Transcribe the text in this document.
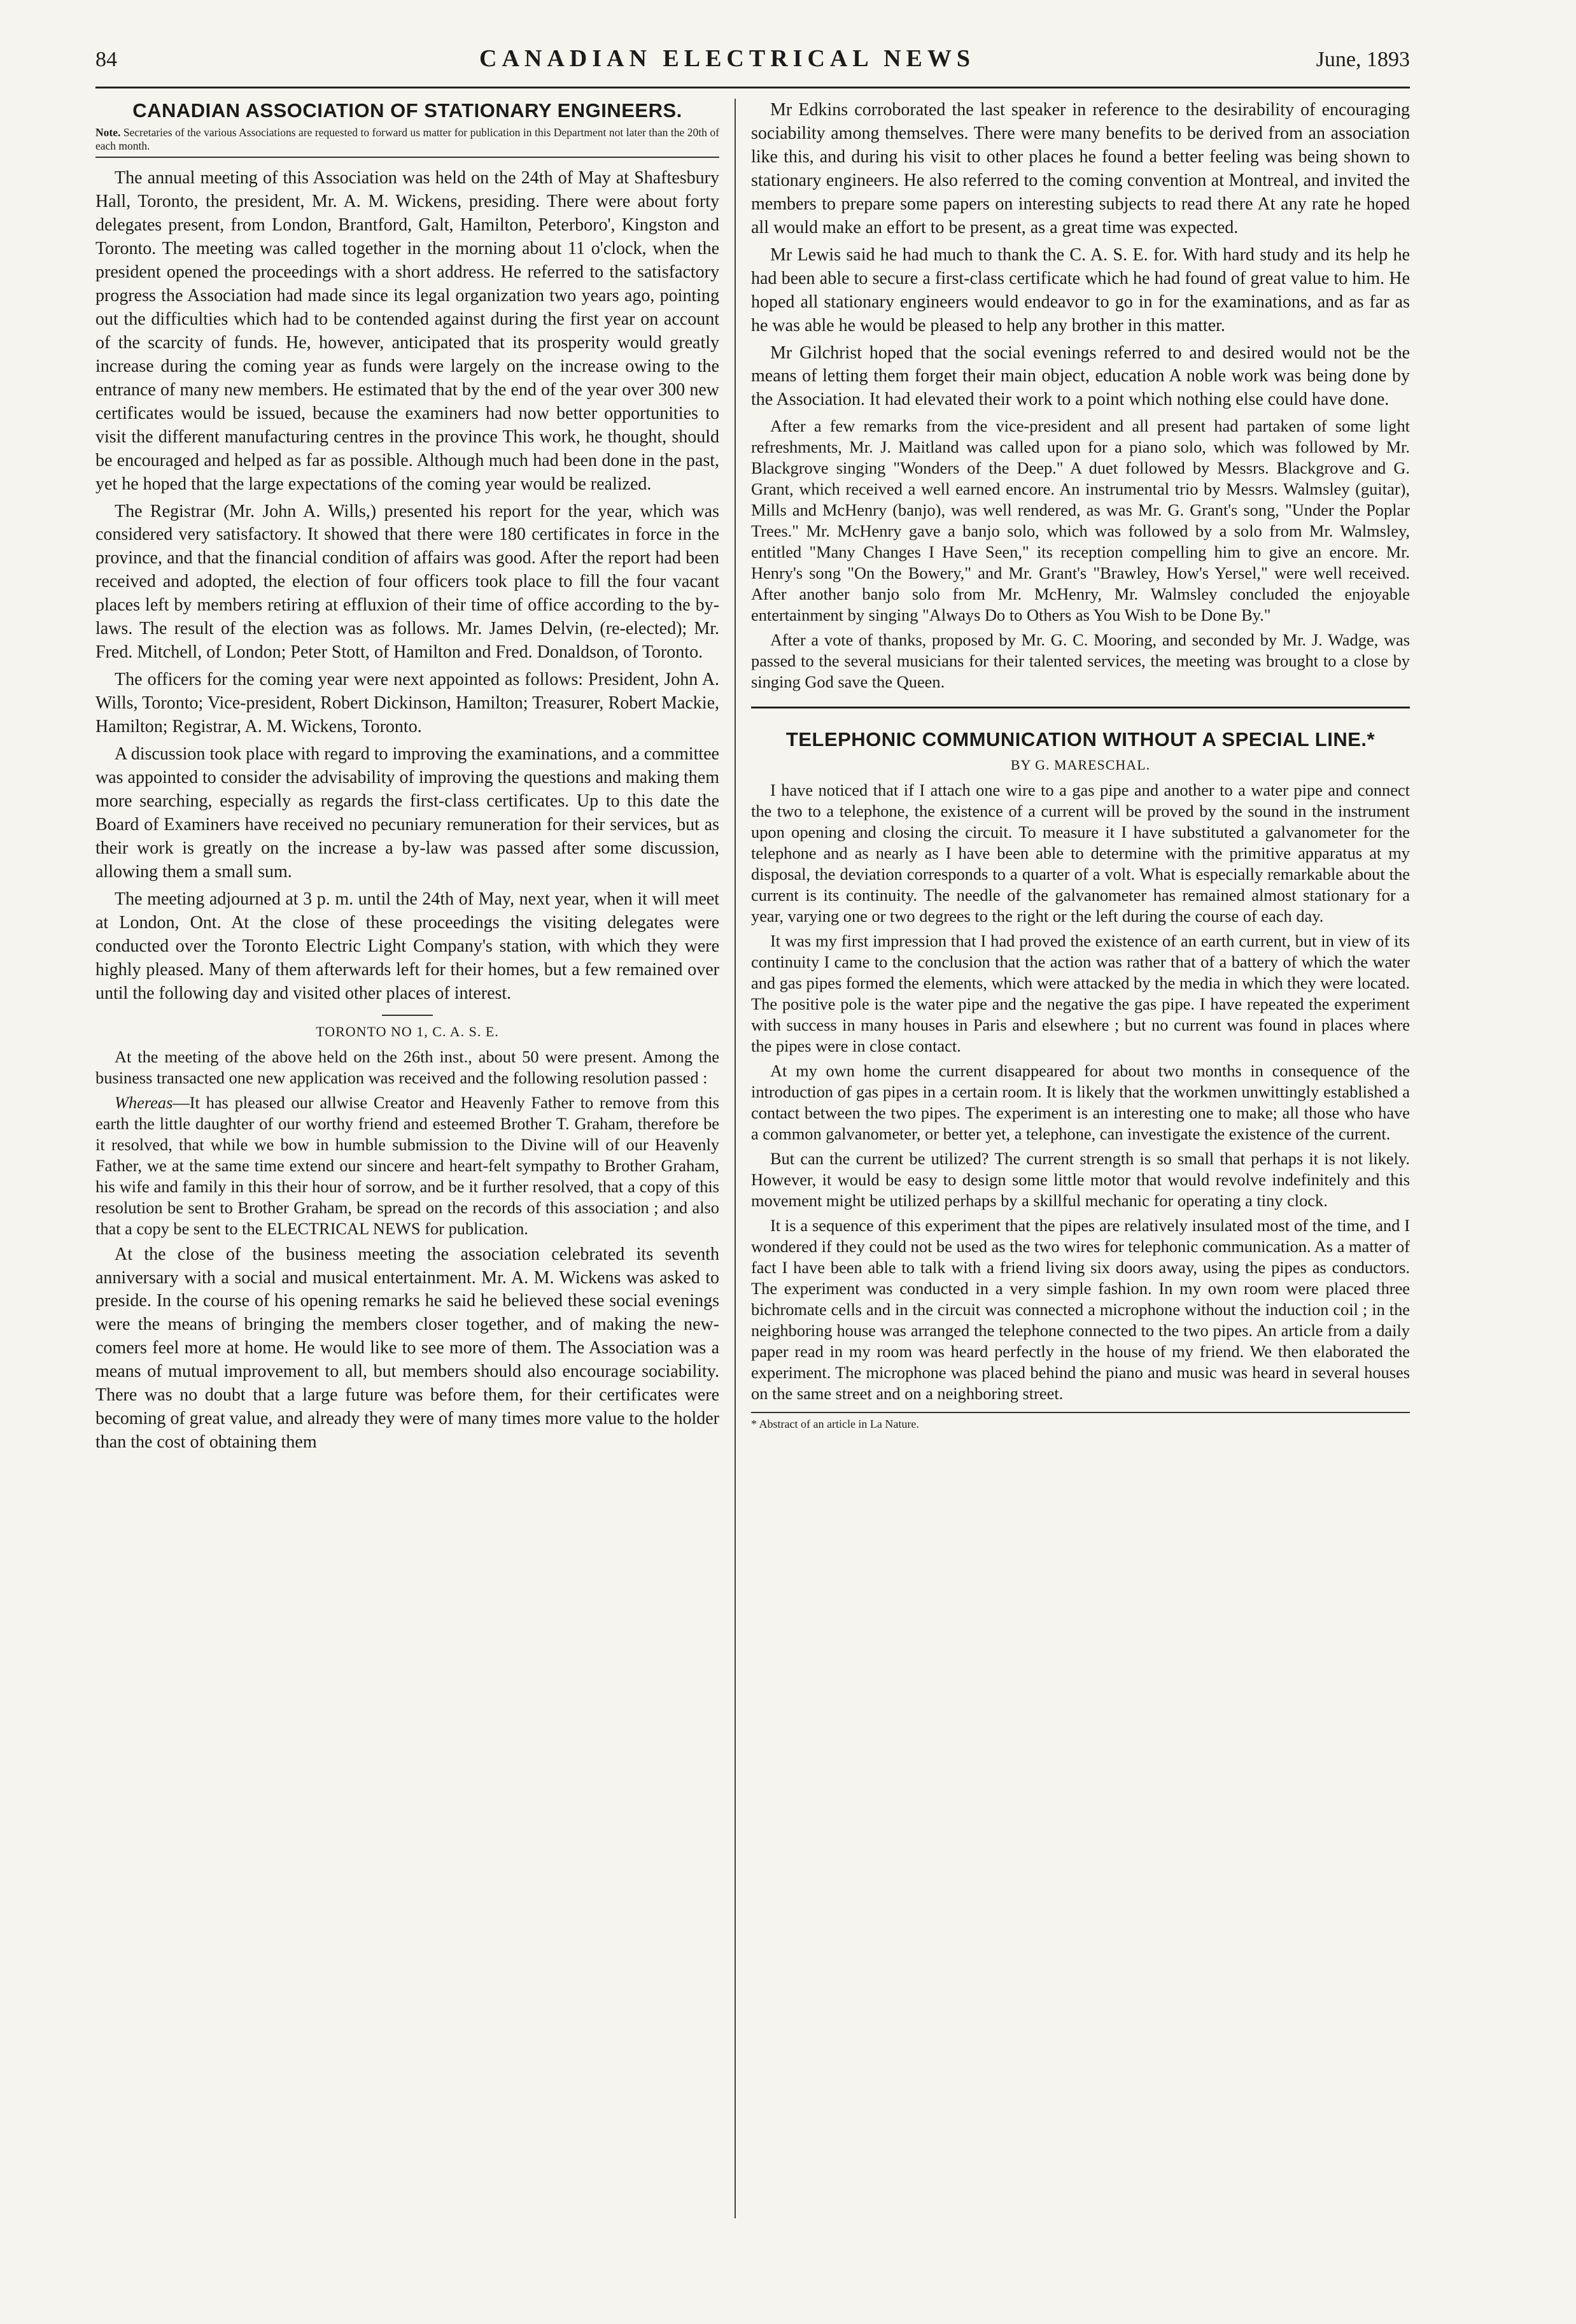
84	CANADIAN ELECTRICAL NEWS	June, 1893
CANADIAN ASSOCIATION OF STATIONARY ENGINEERS.

Note. Secretaries of the various Associations are requested to forward us matter for publication in this Department not later than the 20th of each month.

The annual meeting of this Association was held on the 24th of May at Shaftesbury Hall, Toronto, the president, Mr. A. M. Wickens, presiding. There were about forty delegates present, from London, Brantford, Galt, Hamilton, Peterboro', Kingston and Toronto. The meeting was called together in the morning about 11 o'clock, when the president opened the proceedings with a short address. He referred to the satisfactory progress the Association had made since its legal organization two years ago, pointing out the difficulties which had to be contended against during the first year on account of the scarcity of funds. He, however, anticipated that its prosperity would greatly increase during the coming year as funds were largely on the increase owing to the entrance of many new members. He estimated that by the end of the year over 300 new certificates would be issued, because the examiners had now better opportunities to visit the different manufacturing centres in the province This work, he thought, should be encouraged and helped as far as possible. Although much had been done in the past, yet he hoped that the large expectations of the coming year would be realized.

The Registrar (Mr. John A. Wills,) presented his report for the year, which was considered very satisfactory. It showed that there were 180 certificates in force in the province, and that the financial condition of affairs was good. After the report had been received and adopted, the election of four officers took place to fill the four vacant places left by members retiring at effluxion of their time of office according to the by-laws. The result of the election was as follows. Mr. James Delvin, (re-elected); Mr. Fred. Mitchell, of London; Peter Stott, of Hamilton and Fred. Donaldson, of Toronto.

The officers for the coming year were next appointed as follows: President, John A. Wills, Toronto; Vice-president, Robert Dickinson, Hamilton; Treasurer, Robert Mackie, Hamilton; Registrar, A. M. Wickens, Toronto.

A discussion took place with regard to improving the examinations, and a committee was appointed to consider the advisability of improving the questions and making them more searching, especially as regards the first-class certificates. Up to this date the Board of Examiners have received no pecuniary remuneration for their services, but as their work is greatly on the increase a by-law was passed after some discussion, allowing them a small sum.

The meeting adjourned at 3 p. m. until the 24th of May, next year, when it will meet at London, Ont. At the close of these proceedings the visiting delegates were conducted over the Toronto Electric Light Company's station, with which they were highly pleased. Many of them afterwards left for their homes, but a few remained over until the following day and visited other places of interest.

TORONTO NO 1, C. A. S. E.

At the meeting of the above held on the 26th inst., about 50 were present. Among the business transacted one new application was received and the following resolution passed :

Whereas—It has pleased our allwise Creator and Heavenly Father to remove from this earth the little daughter of our worthy friend and esteemed Brother T. Graham, therefore be it resolved, that while we bow in humble submission to the Divine will of our Heavenly Father, we at the same time extend our sincere and heart-felt sympathy to Brother Graham, his wife and family in this their hour of sorrow, and be it further resolved, that a copy of this resolution be sent to Brother Graham, be spread on the records of this association ; and also that a copy be sent to the ELECTRICAL NEWS for publication.

At the close of the business meeting the association celebrated its seventh anniversary with a social and musical entertainment. Mr. A. M. Wickens was asked to preside. In the course of his opening remarks he said he believed these social evenings were the means of bringing the members closer together, and of making the new-comers feel more at home. He would like to see more of them. The Association was a means of mutual improvement to all, but members should also encourage sociability. There was no doubt that a large future was before them, for their certificates were becoming of great value, and already they were of many times more value to the holder than the cost of obtaining them

Mr Edkins corroborated the last speaker in reference to the desirability of encouraging sociability among themselves. There were many benefits to be derived from an association like this, and during his visit to other places he found a better feeling was being shown to stationary engineers. He also referred to the coming convention at Montreal, and invited the members to prepare some papers on interesting subjects to read there At any rate he hoped all would make an effort to be present, as a great time was expected.

Mr Lewis said he had much to thank the C. A. S. E. for. With hard study and its help he had been able to secure a first-class certificate which he had found of great value to him. He hoped all stationary engineers would endeavor to go in for the examinations, and as far as he was able he would be pleased to help any brother in this matter.

Mr Gilchrist hoped that the social evenings referred to and desired would not be the means of letting them forget their main object, education A noble work was being done by the Association. It had elevated their work to a point which nothing else could have done.

After a few remarks from the vice-president and all present had partaken of some light refreshments, Mr. J. Maitland was called upon for a piano solo, which was followed by Mr. Blackgrove singing "Wonders of the Deep." A duet followed by Messrs. Blackgrove and G. Grant, which received a well earned encore. An instrumental trio by Messrs. Walmsley (guitar), Mills and McHenry (banjo), was well rendered, as was Mr. G. Grant's song, "Under the Poplar Trees." Mr. McHenry gave a banjo solo, which was followed by a solo from Mr. Walmsley, entitled "Many Changes I Have Seen," its reception compelling him to give an encore. Mr. Henry's song "On the Bowery," and Mr. Grant's "Brawley, How's Yersel," were well received. After another banjo solo from Mr. McHenry, Mr. Walmsley concluded the enjoyable entertainment by singing "Always Do to Others as You Wish to be Done By."

After a vote of thanks, proposed by Mr. G. C. Mooring, and seconded by Mr. J. Wadge, was passed to the several musicians for their talented services, the meeting was brought to a close by singing God save the Queen.

TELEPHONIC COMMUNICATION WITHOUT A SPECIAL LINE.*
BY G. MARESCHAL.

I have noticed that if I attach one wire to a gas pipe and another to a water pipe and connect the two to a telephone, the existence of a current will be proved by the sound in the instrument upon opening and closing the circuit. To measure it I have substituted a galvanometer for the telephone and as nearly as I have been able to determine with the primitive apparatus at my disposal, the deviation corresponds to a quarter of a volt. What is especially remarkable about the current is its continuity. The needle of the galvanometer has remained almost stationary for a year, varying one or two degrees to the right or the left during the course of each day.

It was my first impression that I had proved the existence of an earth current, but in view of its continuity I came to the conclusion that the action was rather that of a battery of which the water and gas pipes formed the elements, which were attacked by the media in which they were located. The positive pole is the water pipe and the negative the gas pipe. I have repeated the experiment with success in many houses in Paris and elsewhere ; but no current was found in places where the pipes were in close contact.

At my own home the current disappeared for about two months in consequence of the introduction of gas pipes in a certain room. It is likely that the workmen unwittingly established a contact between the two pipes. The experiment is an interesting one to make; all those who have a common galvanometer, or better yet, a telephone, can investigate the existence of the current.

But can the current be utilized? The current strength is so small that perhaps it is not likely. However, it would be easy to design some little motor that would revolve indefinitely and this movement might be utilized perhaps by a skillful mechanic for operating a tiny clock.

It is a sequence of this experiment that the pipes are relatively insulated most of the time, and I wondered if they could not be used as the two wires for telephonic communication. As a matter of fact I have been able to talk with a friend living six doors away, using the pipes as conductors. The experiment was conducted in a very simple fashion. In my own room were placed three bichromate cells and in the circuit was connected a microphone without the induction coil ; in the neighboring house was arranged the telephone connected to the two pipes. An article from a daily paper read in my room was heard perfectly in the house of my friend. We then elaborated the experiment. The microphone was placed behind the piano and music was heard in several houses on the same street and on a neighboring street.

* Abstract of an article in La Nature.
